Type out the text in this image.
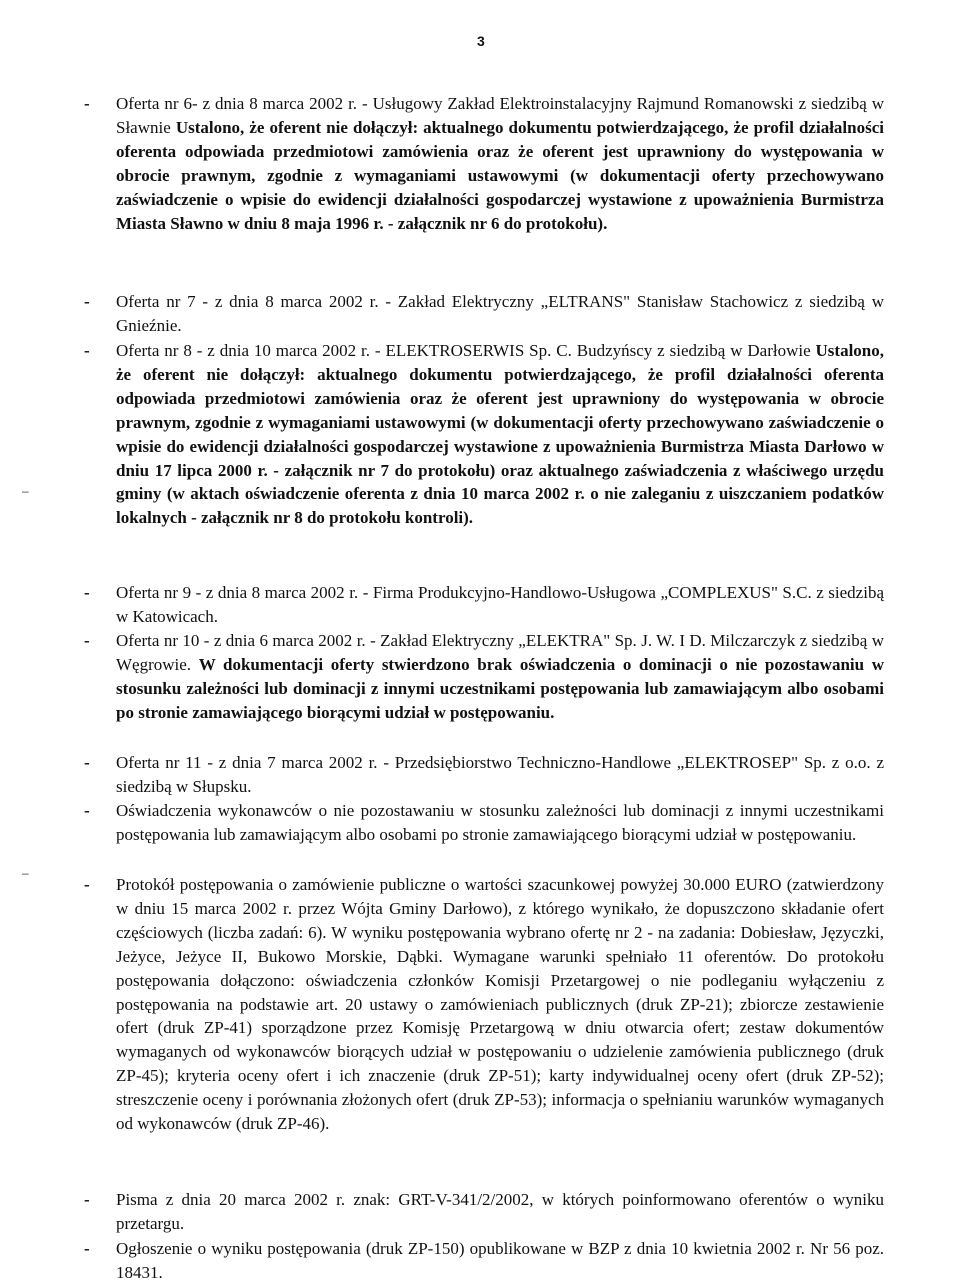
3
-	Oferta nr 6- z dnia 8 marca 2002 r. - Usługowy Zakład Elektroinstalacyjny Rajmund Romanowski z siedzibą w Sławnie Ustalono, że oferent nie dołączył: aktualnego dokumentu potwierdzającego, że profil działalności oferenta odpowiada przedmiotowi zamówienia oraz że oferent jest uprawniony do występowania w obrocie prawnym, zgodnie z wymaganiami ustawowymi (w dokumentacji oferty przechowywano zaświadczenie o wpisie do ewidencji działalności gospodarczej wystawione z upoważnienia Burmistrza Miasta Sławno w dniu 8 maja 1996 r. - załącznik nr 6 do protokołu).
-	Oferta nr 7 - z dnia 8 marca 2002 r. - Zakład Elektryczny „ELTRANS" Stanisław Stachowicz z siedzibą w Gnieźnie.
-	Oferta nr 8 - z dnia 10 marca 2002 r. - ELEKTROSERWIS Sp. C. Budzyńscy z siedzibą w Darłowie Ustalono, że oferent nie dołączył: aktualnego dokumentu potwierdzającego, że profil działalności oferenta odpowiada przedmiotowi zamówienia oraz że oferent jest uprawniony do występowania w obrocie prawnym, zgodnie z wymaganiami ustawowymi (w dokumentacji oferty przechowywano zaświadczenie o wpisie do ewidencji działalności gospodarczej wystawione z upoważnienia Burmistrza Miasta Darłowo w dniu 17 lipca 2000 r. - załącznik nr 7 do protokołu) oraz aktualnego zaświadczenia z właściwego urzędu gminy (w aktach oświadczenie oferenta z dnia 10 marca 2002 r. o nie zaleganiu z uiszczaniem podatków lokalnych - załącznik nr 8 do protokołu kontroli).
-	Oferta nr 9 - z dnia 8 marca 2002 r. - Firma Produkcyjno-Handlowo-Usługowa „COMPLEXUS" S.C. z siedzibą w Katowicach.
-	Oferta nr 10 - z dnia 6 marca 2002 r. - Zakład Elektryczny „ELEKTRA" Sp. J. W. I D. Milczarczyk z siedzibą w Węgrowie. W dokumentacji oferty stwierdzono brak oświadczenia o dominacji o nie pozostawaniu w stosunku zależności lub dominacji z innymi uczestnikami postępowania lub zamawiającym albo osobami po stronie zamawiającego biorącymi udział w postępowaniu.
-	Oferta nr 11 - z dnia 7 marca 2002 r. - Przedsiębiorstwo Techniczno-Handlowe „ELEKTROSEP" Sp. z o.o. z siedzibą w Słupsku.
-	Oświadczenia wykonawców o nie pozostawaniu w stosunku zależności lub dominacji z innymi uczestnikami postępowania lub zamawiającym albo osobami po stronie zamawiającego biorącymi udział w postępowaniu.
-	Protokół postępowania o zamówienie publiczne o wartości szacunkowej powyżej 30.000 EURO (zatwierdzony w dniu 15 marca 2002 r. przez Wójta Gminy Darłowo), z którego wynikało, że dopuszczono składanie ofert częściowych (liczba zadań: 6). W wyniku postępowania wybrano ofertę nr 2 - na zadania: Dobiesław, Języczki, Jeżyce, Jeżyce II, Bukowo Morskie, Dąbki. Wymagane warunki spełniało 11 oferentów. Do protokołu postępowania dołączono: oświadczenia członków Komisji Przetargowej o nie podleganiu wyłączeniu z postępowania na podstawie art. 20 ustawy o zamówieniach publicznych (druk ZP-21); zbiorcze zestawienie ofert (druk ZP-41) sporządzone przez Komisję Przetargową w dniu otwarcia ofert; zestaw dokumentów wymaganych od wykonawców biorących udział w postępowaniu o udzielenie zamówienia publicznego (druk ZP-45); kryteria oceny ofert i ich znaczenie (druk ZP-51); karty indywidualnej oceny ofert (druk ZP-52); streszczenie oceny i porównania złożonych ofert (druk ZP-53); informacja o spełnianiu warunków wymaganych od wykonawców (druk ZP-46).
-	Pisma z dnia 20 marca 2002 r. znak: GRT-V-341/2/2002, w których poinformowano oferentów o wyniku przetargu.
-	Ogłoszenie o wyniku postępowania (druk ZP-150) opublikowane w BZP z dnia 10 kwietnia 2002 r. Nr 56 poz. 18431.
‒
‒
